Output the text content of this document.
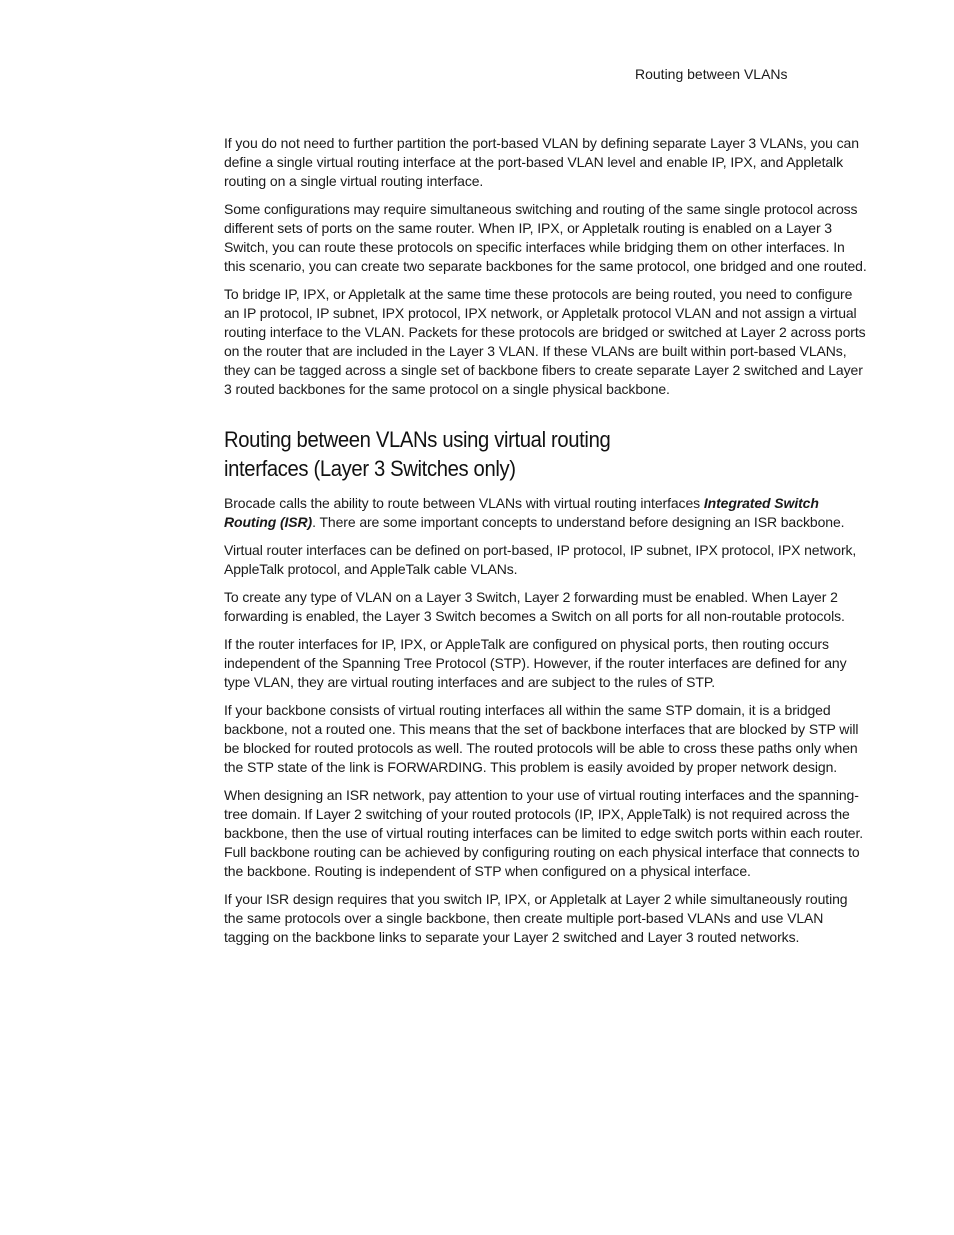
Routing between VLANs

If you do not need to further partition the port-based VLAN by defining separate Layer 3 VLANs, you can define a single virtual routing interface at the port-based VLAN level and enable IP, IPX, and Appletalk routing on a single virtual routing interface.

Some configurations may require simultaneous switching and routing of the same single protocol across different sets of ports on the same router. When IP, IPX, or Appletalk routing is enabled on a Layer 3 Switch, you can route these protocols on specific interfaces while bridging them on other interfaces. In this scenario, you can create two separate backbones for the same protocol, one bridged and one routed.

To bridge IP, IPX, or Appletalk at the same time these protocols are being routed, you need to configure an IP protocol, IP subnet, IPX protocol, IPX network, or Appletalk protocol VLAN and not assign a virtual routing interface to the VLAN. Packets for these protocols are bridged or switched at Layer 2 across ports on the router that are included in the Layer 3 VLAN. If these VLANs are built within port-based VLANs, they can be tagged across a single set of backbone fibers to create separate Layer 2 switched and Layer 3 routed backbones for the same protocol on a single physical backbone.

Routing between VLANs using virtual routing interfaces (Layer 3 Switches only)

Brocade calls the ability to route between VLANs with virtual routing interfaces Integrated Switch Routing (ISR). There are some important concepts to understand before designing an ISR backbone.

Virtual router interfaces can be defined on port-based, IP protocol, IP subnet, IPX protocol, IPX network, AppleTalk protocol, and AppleTalk cable VLANs.

To create any type of VLAN on a Layer 3 Switch, Layer 2 forwarding must be enabled. When Layer 2 forwarding is enabled, the Layer 3 Switch becomes a Switch on all ports for all non-routable protocols.

If the router interfaces for IP, IPX, or AppleTalk are configured on physical ports, then routing occurs independent of the Spanning Tree Protocol (STP). However, if the router interfaces are defined for any type VLAN, they are virtual routing interfaces and are subject to the rules of STP.

If your backbone consists of virtual routing interfaces all within the same STP domain, it is a bridged backbone, not a routed one. This means that the set of backbone interfaces that are blocked by STP will be blocked for routed protocols as well. The routed protocols will be able to cross these paths only when the STP state of the link is FORWARDING. This problem is easily avoided by proper network design.

When designing an ISR network, pay attention to your use of virtual routing interfaces and the spanning-tree domain. If Layer 2 switching of your routed protocols (IP, IPX, AppleTalk) is not required across the backbone, then the use of virtual routing interfaces can be limited to edge switch ports within each router. Full backbone routing can be achieved by configuring routing on each physical interface that connects to the backbone. Routing is independent of STP when configured on a physical interface.

If your ISR design requires that you switch IP, IPX, or Appletalk at Layer 2 while simultaneously routing the same protocols over a single backbone, then create multiple port-based VLANs and use VLAN tagging on the backbone links to separate your Layer 2 switched and Layer 3 routed networks.
